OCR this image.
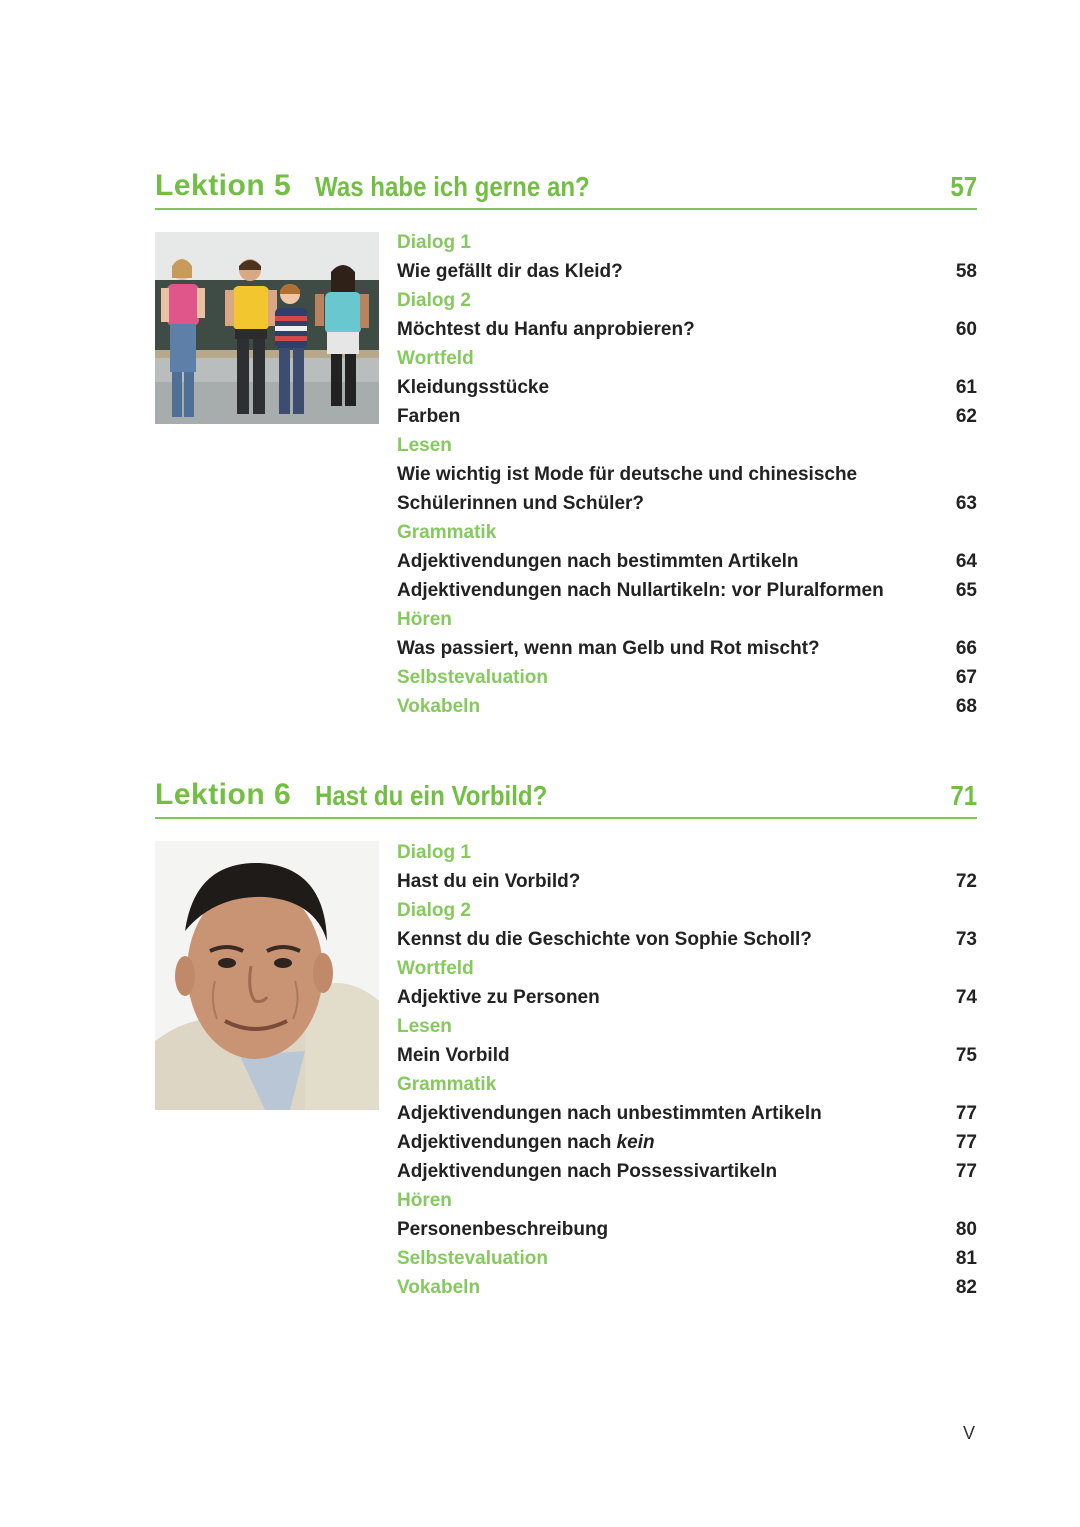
Lektion 5 Was habe ich gerne an?	57
Dialog 1
Wie gefällt dir das Kleid?	58
Dialog 2
Möchtest du Hanfu anprobieren?	60
Wortfeld
Kleidungsstücke	61
Farben	62
Lesen
Wie wichtig ist Mode für deutsche und chinesische
Schülerinnen und Schüler?	63
Grammatik
Adjektivendungen nach bestimmten Artikeln	64
Adjektivendungen nach Nullartikeln: vor Pluralformen	65
Hören
Was passiert, wenn man Gelb und Rot mischt?	66
Selbstevaluation	67
Vokabeln	68
Lektion 6 Hast du ein Vorbild?	71
Dialog 1
Hast du ein Vorbild?	72
Dialog 2
Kennst du die Geschichte von Sophie Scholl?	73
Wortfeld
Adjektive zu Personen	74
Lesen
Mein Vorbild	75
Grammatik
Adjektivendungen nach unbestimmten Artikeln	77
Adjektivendungen nach kein	77
Adjektivendungen nach Possessivartikeln	77
Hören
Personenbeschreibung	80
Selbstevaluation	81
Vokabeln	82
V
